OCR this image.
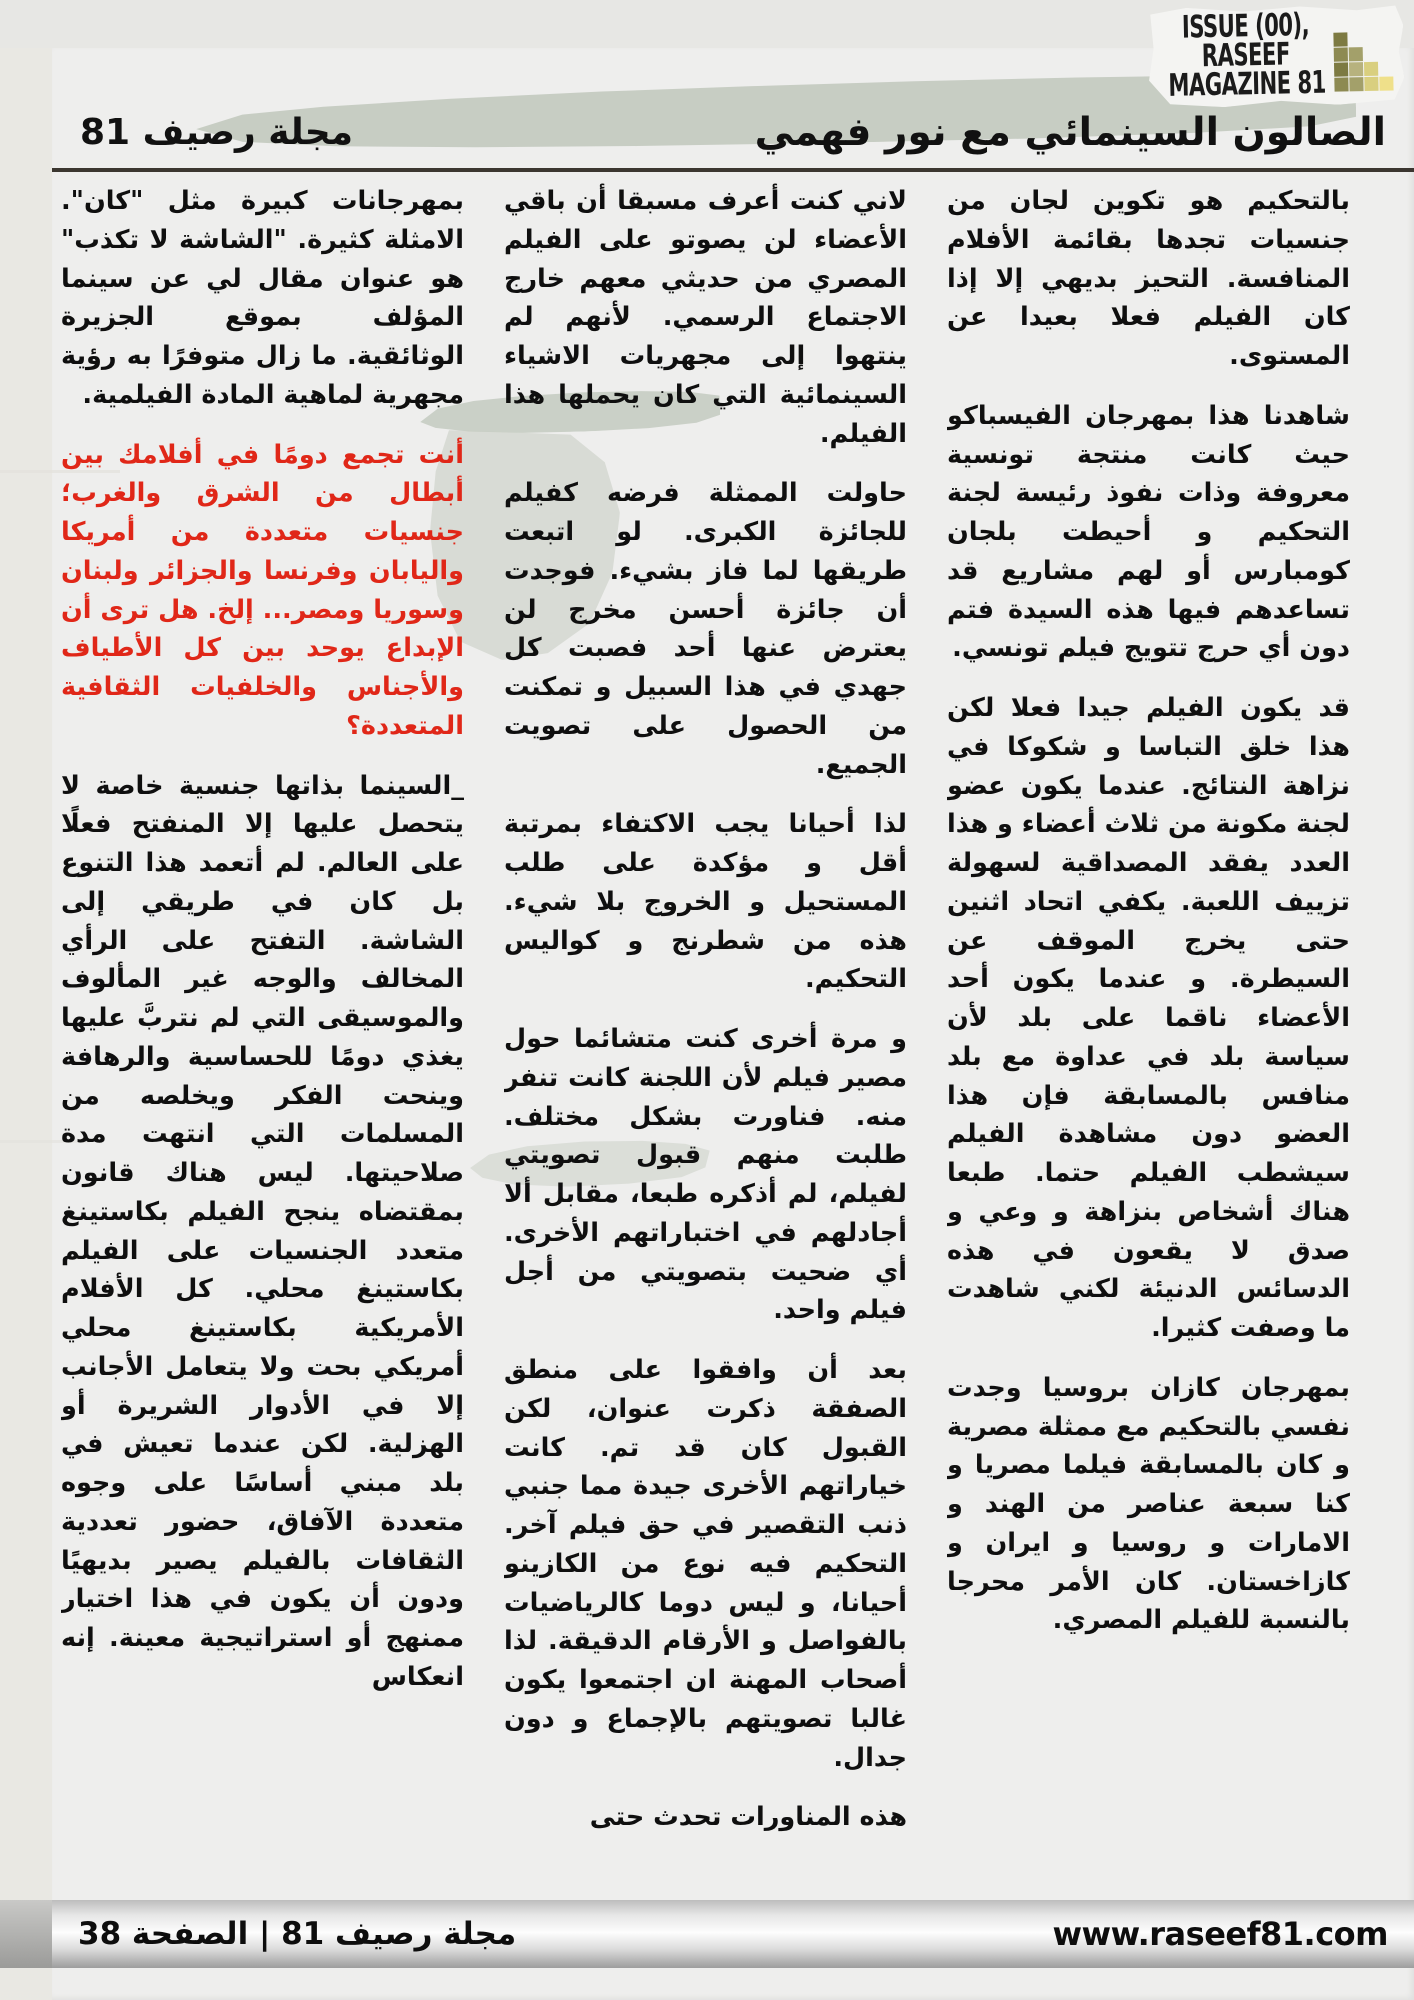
ISSUE (00),
RASEEF
MAGAZINE 81
الصالون السينمائي مع نور فهمي
مجلة رصيف 81

بالتحكيم هو تكوين لجان من جنسيات تجدها بقائمة الأفلام المنافسة. التحيز بديهي إلا إذا كان الفيلم فعلا بعيدا عن المستوى.

شاهدنا هذا بمهرجان الفيسباكو حيث كانت منتجة تونسية معروفة وذات نفوذ رئيسة لجنة التحكيم و أحيطت بلجان كومبارس أو لهم مشاريع قد تساعدهم فيها هذه السيدة فتم دون أي حرج تتويج فيلم تونسي.

قد يكون الفيلم جيدا فعلا لكن هذا خلق التباسا و شكوكا في نزاهة النتائج. عندما يكون عضو لجنة مكونة من ثلاث أعضاء و هذا العدد يفقد المصداقية لسهولة تزييف اللعبة. يكفي اتحاد اثنين حتى يخرج الموقف عن السيطرة. و عندما يكون أحد الأعضاء ناقما على بلد لأن سياسة بلد في عداوة مع بلد منافس بالمسابقة فإن هذا العضو دون مشاهدة الفيلم سيشطب الفيلم حتما. طبعا هناك أشخاص بنزاهة و وعي و صدق لا يقعون في هذه الدسائس الدنيئة لكني شاهدت ما وصفت كثيرا.

بمهرجان كازان بروسيا وجدت نفسي بالتحكيم مع ممثلة مصرية و كان بالمسابقة فيلما مصريا و كنا سبعة عناصر من الهند و الامارات و روسيا و ايران و كازاخستان. كان الأمر محرجا بالنسبة للفيلم المصري.

لاني كنت أعرف مسبقا أن باقي الأعضاء لن يصوتو على الفيلم المصري من حديثي معهم خارج الاجتماع الرسمي. لأنهم لم ينتهوا إلى مجهريات الاشياء السينمائية التي كان يحملها هذا الفيلم.

حاولت الممثلة فرضه كفيلم للجائزة الكبرى. لو اتبعت طريقها لما فاز بشيء. فوجدت أن جائزة أحسن مخرج لن يعترض عنها أحد فصبت كل جهدي في هذا السبيل و تمكنت من الحصول على تصويت الجميع.

لذا أحيانا يجب الاكتفاء بمرتبة أقل و مؤكدة على طلب المستحيل و الخروج بلا شيء. هذه من شطرنج و كواليس التحكيم.

و مرة أخرى كنت متشائما حول مصير فيلم لأن اللجنة كانت تنفر منه. فناورت بشكل مختلف. طلبت منهم قبول تصويتي لفيلم، لم أذكره طبعا، مقابل ألا أجادلهم في اختباراتهم الأخرى. أي ضحيت بتصويتي من أجل فيلم واحد.

بعد أن وافقوا على منطق الصفقة ذكرت عنوان، لكن القبول كان قد تم. كانت خياراتهم الأخرى جيدة مما جنبي ذنب التقصير في حق فيلم آخر. التحكيم فيه نوع من الكازينو أحيانا، و ليس دوما كالرياضيات بالفواصل و الأرقام الدقيقة. لذا أصحاب المهنة ان اجتمعوا يكون غالبا تصويتهم بالإجماع و دون جدال.

هذه المناورات تحدث حتى

بمهرجانات كبيرة مثل "كان". الامثلة كثيرة. "الشاشة لا تكذب" هو عنوان مقال لي عن سينما المؤلف بموقع الجزيرة الوثائقية. ما زال متوفرًا به رؤية مجهرية لماهية المادة الفيلمية.

أنت تجمع دومًا في أفلامك بين أبطال من الشرق والغرب؛ جنسيات متعددة من أمريكا واليابان وفرنسا والجزائر ولبنان وسوريا ومصر... إلخ. هل ترى أن الإبداع يوحد بين كل الأطياف والأجناس والخلفيات الثقافية المتعددة؟

_السينما بذاتها جنسية خاصة لا يتحصل عليها إلا المنفتح فعلًا على العالم. لم أتعمد هذا التنوع بل كان في طريقي إلى الشاشة. التفتح على الرأي المخالف والوجه غير المألوف والموسيقى التي لم نتربَّ عليها يغذي دومًا للحساسية والرهافة وينحت الفكر ويخلصه من المسلمات التي انتهت مدة صلاحيتها. ليس هناك قانون بمقتضاه ينجح الفيلم بكاستينغ متعدد الجنسيات على الفيلم بكاستينغ محلي. كل الأفلام الأمريكية بكاستينغ محلي أمريكي بحت ولا يتعامل الأجانب إلا في الأدوار الشريرة أو الهزلية. لكن عندما تعيش في بلد مبني أساسًا على وجوه متعددة الآفاق، حضور تعددية الثقافات بالفيلم يصير بديهيًا ودون أن يكون في هذا اختيار ممنهج أو استراتيجية معينة. إنه انعكاس

www.raseef81.com
مجلة رصيف 81 | الصفحة 38
